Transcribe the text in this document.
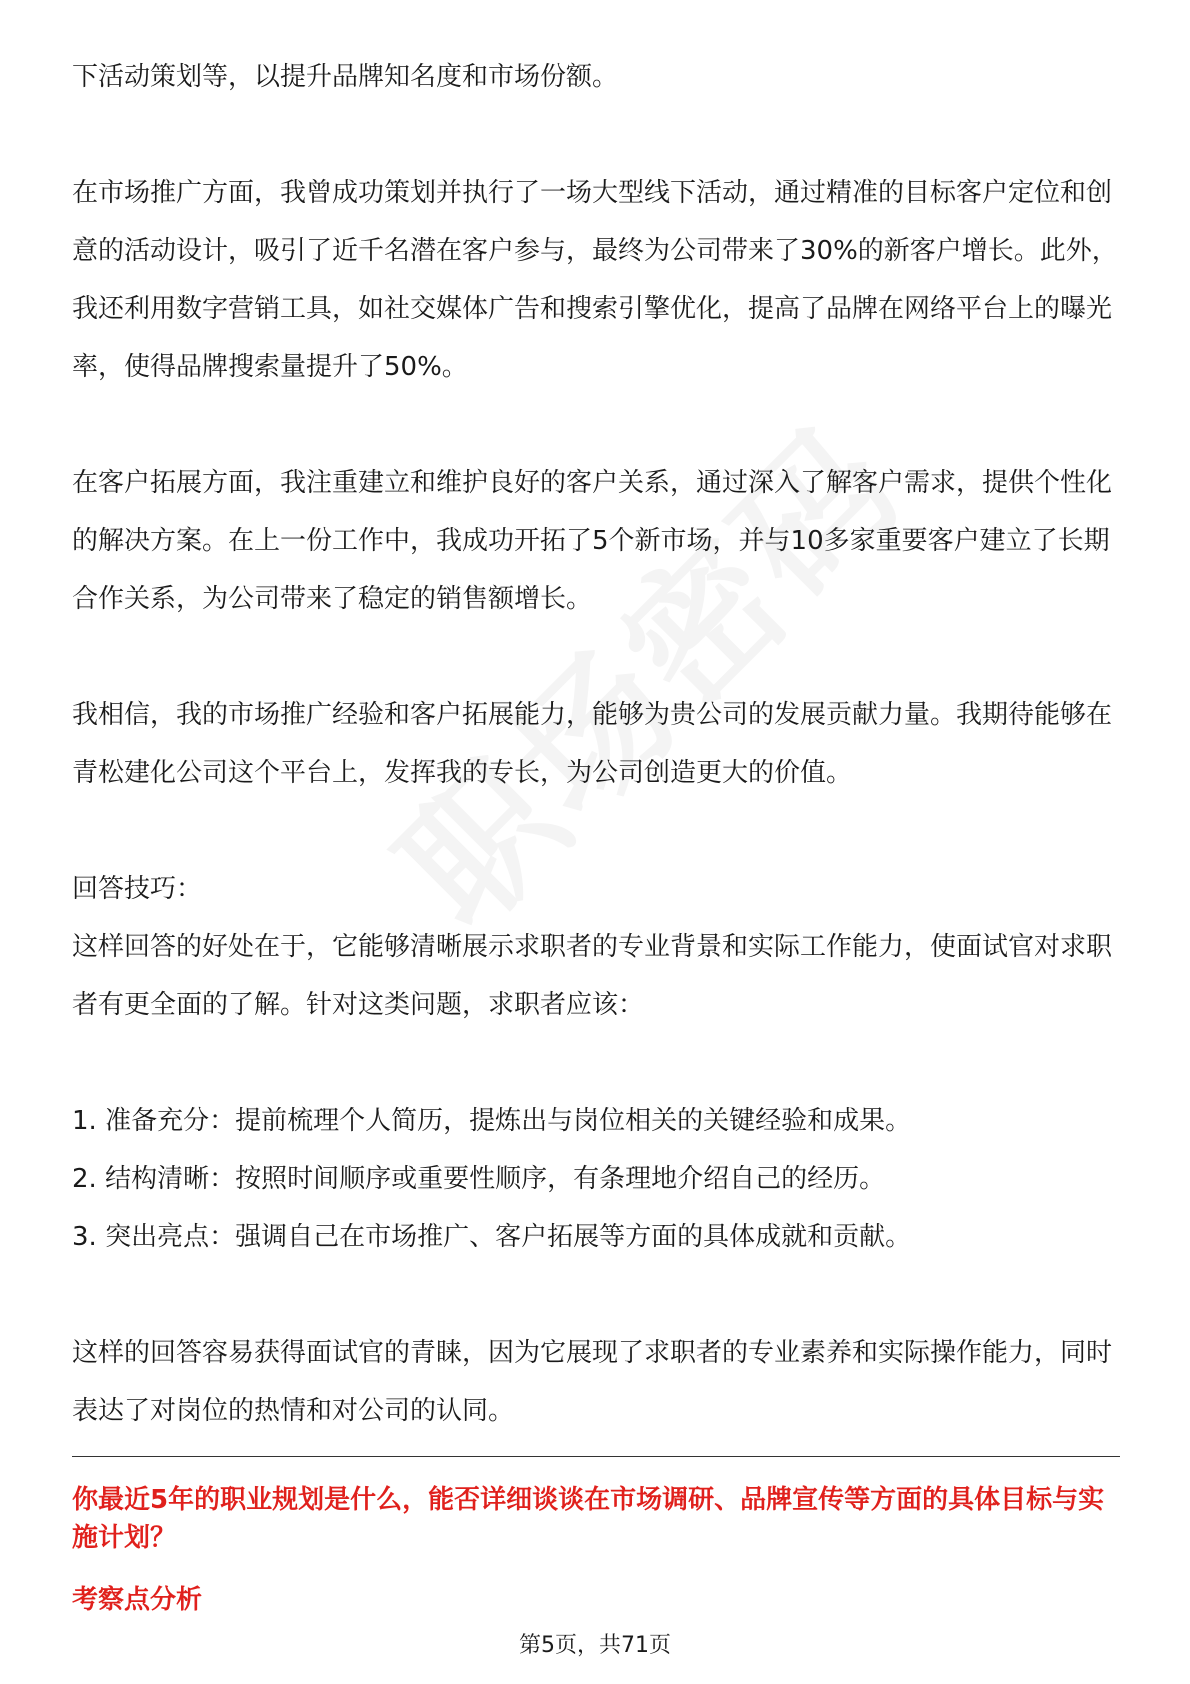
下活动策划等，以提升品牌知名度和市场份额。

在市场推广方面，我曾成功策划并执行了一场大型线下活动，通过精准的目标客户定位和创意的活动设计，吸引了近千名潜在客户参与，最终为公司带来了30%的新客户增长。此外，我还利用数字营销工具，如社交媒体广告和搜索引擎优化，提高了品牌在网络平台上的曝光率，使得品牌搜索量提升了50%。

在客户拓展方面，我注重建立和维护良好的客户关系，通过深入了解客户需求，提供个性化的解决方案。在上一份工作中，我成功开拓了5个新市场，并与10多家重要客户建立了长期合作关系，为公司带来了稳定的销售额增长。

我相信，我的市场推广经验和客户拓展能力，能够为贵公司的发展贡献力量。我期待能够在青松建化公司这个平台上，发挥我的专长，为公司创造更大的价值。

回答技巧：

这样回答的好处在于，它能够清晰展示求职者的专业背景和实际工作能力，使面试官对求职者有更全面的了解。针对这类问题，求职者应该：

1. 准备充分：提前梳理个人简历，提炼出与岗位相关的关键经验和成果。

2. 结构清晰：按照时间顺序或重要性顺序，有条理地介绍自己的经历。

3. 突出亮点：强调自己在市场推广、客户拓展等方面的具体成就和贡献。

这样的回答容易获得面试官的青睐，因为它展现了求职者的专业素养和实际操作能力，同时表达了对岗位的热情和对公司的认同。

你最近5年的职业规划是什么，能否详细谈谈在市场调研、品牌宣传等方面的具体目标与实施计划？

考察点分析

第5页，共71页
